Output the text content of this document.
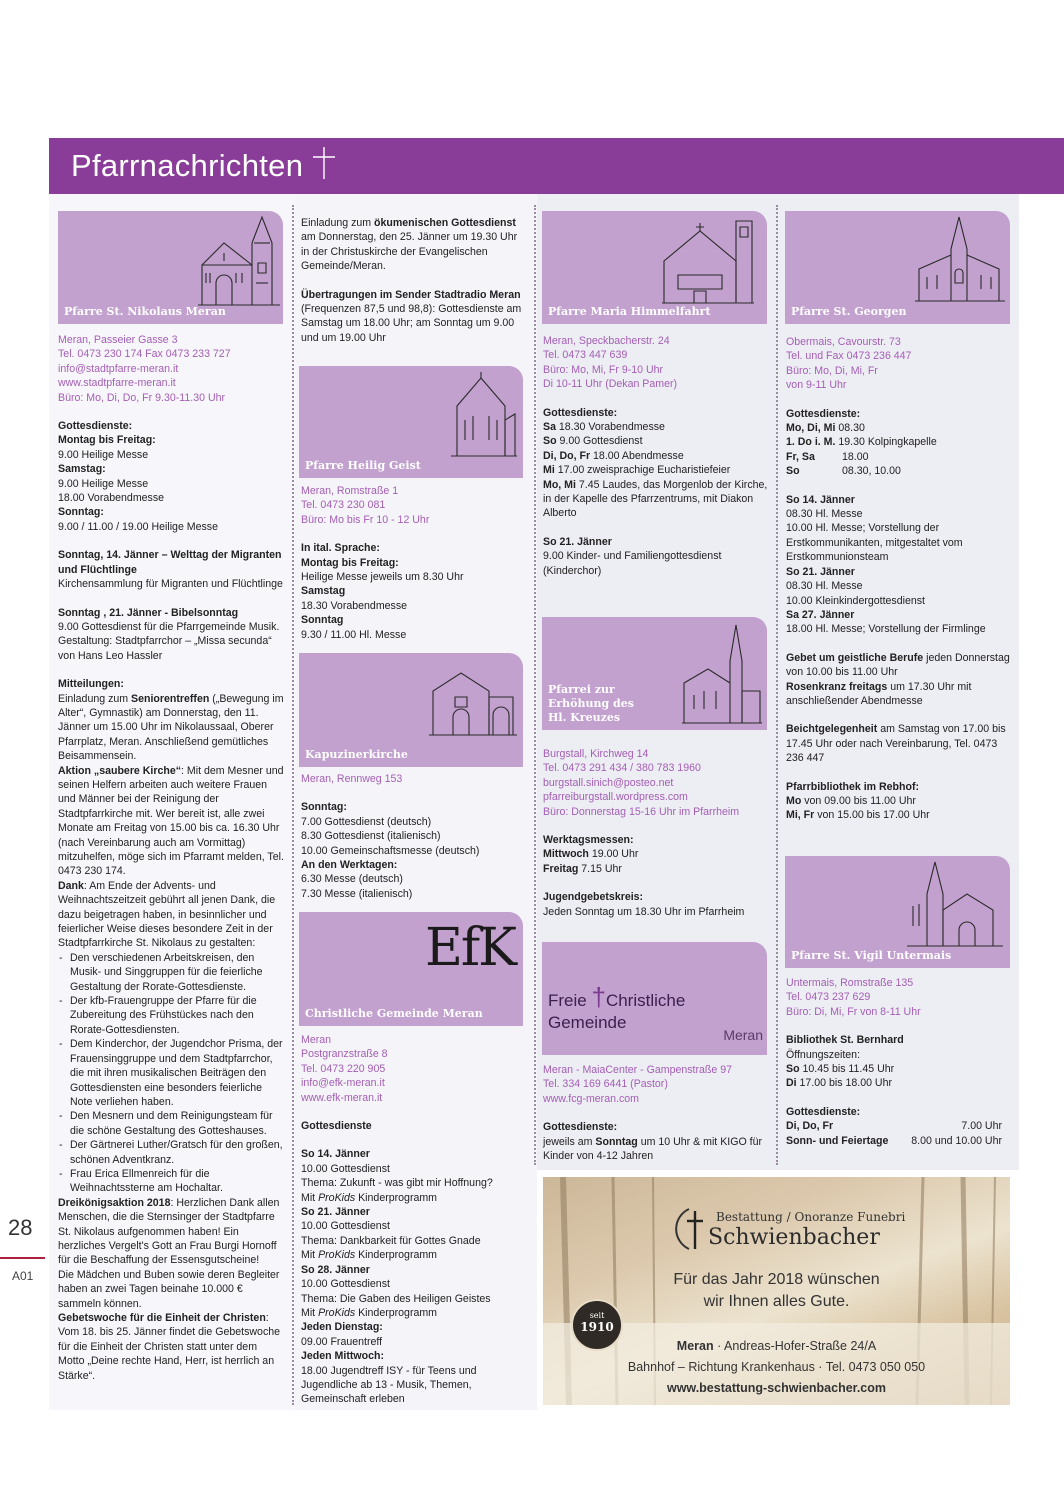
Pfarrnachrichten
Pfarre St. Nikolaus Meran

Meran, Passeier Gasse 3

Tel. 0473 230 174 Fax 0473 233 727

info@stadtpfarre-meran.it

www.stadtpfarre-meran.it

Büro: Mo, Di, Do, Fr 9.30-11.30 Uhr

Gottesdienste:

Montag bis Freitag:

9.00 Heilige Messe

Samstag:

9.00 Heilige Messe

18.00 Vorabendmesse

Sonntag:

9.00 / 11.00 / 19.00 Heilige Messe

Sonntag, 14. Jänner – Welttag der Migranten und Flüchtlinge

Kirchensammlung für Migranten und Flüchtlinge

Sonntag , 21. Jänner - Bibelsonntag

9.00 Gottesdienst für die Pfarrgemeinde Musik. Gestaltung: Stadtpfarrchor – „Missa secunda“ von Hans Leo Hassler

Mitteilungen:

Einladung zum Seniorentreffen („Bewegung im Alter“, Gymnastik) am Donnerstag, den 11. Jänner um 15.00 Uhr im Nikolaussaal, Oberer Pfarrplatz, Meran. Anschließend gemütliches Beisammensein.

Aktion „saubere Kirche“: Mit dem Mesner und seinen Helfern arbeiten auch weitere Frauen und Männer bei der Reinigung der Stadtpfarrkirche mit. Wer bereit ist, alle zwei Monate am Freitag von 15.00 bis ca. 16.30 Uhr (nach Vereinbarung auch am Vormittag) mitzuhelfen, möge sich im Pfarramt melden, Tel. 0473 230 174.

Dank: Am Ende der Advents- und Weihnachtszeitzeit gebührt all jenen Dank, die dazu beigetragen haben, in besinnlicher und feierlicher Weise dieses besondere Zeit in der Stadtpfarrkirche St. Nikolaus zu gestalten:

- Den verschiedenen Arbeitskreisen, den Musik- und Singgruppen für die feierliche Gestaltung der Rorate-Gottesdienste.

- Der kfb-Frauengruppe der Pfarre für die Zubereitung des Frühstückes nach den Rorate-Gottesdiensten.

- Dem Kinderchor, der Jugendchor Prisma, der Frauensinggruppe und dem Stadtpfarrchor, die mit ihren musikalischen Beiträgen den Gottesdiensten eine besonders feierliche Note verliehen haben.

- Den Mesnern und dem Reinigungsteam für die schöne Gestaltung des Gotteshauses.

- Der Gärtnerei Luther/Gratsch für den großen, schönen Adventkranz.

- Frau Erica Ellmenreich für die Weihnachtssterne am Hochaltar.

Dreikönigsaktion 2018: Herzlichen Dank allen Menschen, die die Sternsinger der Stadtpfarre St. Nikolaus aufgenommen haben! Ein herzliches Vergelt's Gott an Frau Burgi Hornoff für die Beschaffung der Essensgutscheine!

Die Mädchen und Buben sowie deren Begleiter haben an zwei Tagen beinahe 10.000 € sammeln können.

Gebetswoche für die Einheit der Christen: Vom 18. bis 25. Jänner findet die Gebetswoche für die Einheit der Christen statt unter dem Motto „Deine rechte Hand, Herr, ist herrlich an Stärke“.

Einladung zum ökumenischen Gottesdienst am Donnerstag, den 25. Jänner um 19.30 Uhr in der Christuskirche der Evangelischen Gemeinde/Meran.

Übertragungen im Sender Stadtradio Meran (Frequenzen 87,5 und 98,8): Gottesdienste am Samstag um 18.00 Uhr; am Sonntag um 9.00 und um 19.00 Uhr

Pfarre Heilig Geist

Meran, Romstraße 1

Tel. 0473 230 081

Büro: Mo bis Fr 10 - 12 Uhr

In ital. Sprache:

Montag bis Freitag:

Heilige Messe jeweils um 8.30 Uhr

Samstag

18.30 Vorabendmesse

Sonntag

9.30 / 11.00 Hl. Messe

Kapuzinerkirche

Meran, Rennweg 153

Sonntag:

7.00 Gottesdienst (deutsch)

8.30 Gottesdienst (italienisch)

10.00 Gemeinschaftsmesse (deutsch)

An den Werktagen:

6.30 Messe (deutsch)

7.30 Messe (italienisch)

EfK
Christliche Gemeinde Meran

Meran

Postgranzstraße 8

Tel. 0473 220 905

info@efk-meran.it

www.efk-meran.it

Gottesdienste

So 14. Jänner

10.00 Gottesdienst

Thema: Zukunft - was gibt mir Hoffnung?

Mit ProKids Kinderprogramm

So 21. Jänner

10.00 Gottesdienst

Thema: Dankbarkeit für Gottes Gnade

Mit ProKids Kinderprogramm

So 28. Jänner

10.00 Gottesdienst

Thema: Die Gaben des Heiligen Geistes

Mit ProKids Kinderprogramm

Jeden Dienstag:

09.00 Frauentreff

Jeden Mittwoch:

18.00 Jugendtreff ISY - für Teens und Jugendliche ab 13 - Musik, Themen, Gemeinschaft erleben

Pfarre Maria Himmelfahrt

Meran, Speckbacherstr. 24

Tel. 0473 447 639

Büro: Mo, Mi, Fr 9-10 Uhr

Di 10-11 Uhr (Dekan Pamer)

Gottesdienste:

Sa 18.30 Vorabendmesse

So 9.00 Gottesdienst

Di, Do, Fr 18.00 Abendmesse

Mi 17.00 zweisprachige Eucharistiefeier

Mo, Mi 7.45 Laudes, das Morgenlob der Kirche, in der Kapelle des Pfarrzentrums, mit Diakon Alberto

So 21. Jänner

9.00 Kinder- und Familiengottesdienst (Kinderchor)

Pfarrei zur Erhöhung des Hl. Kreuzes

Burgstall, Kirchweg 14

Tel. 0473 291 434 / 380 783 1960

burgstall.sinich@posteo.net

pfarreiburgstall.wordpress.com

Büro: Donnerstag 15-16 Uhr im Pfarrheim

Werktagsmessen:

Mittwoch 19.00 Uhr

Freitag 7.15 Uhr

Jugendgebetskreis:

Jeden Sonntag um 18.30 Uhr im Pfarrheim

Freie †Christliche Gemeinde
Meran

Meran - MaiaCenter - Gampenstraße 97

Tel. 334 169 6441 (Pastor)

www.fcg-meran.com

Gottesdienste:

jeweils am Sonntag um 10 Uhr & mit KIGO für Kinder von 4-12 Jahren

Pfarre St. Georgen

Obermais, Cavourstr. 73

Tel. und Fax 0473 236 447

Büro: Mo, Di, Mi, Fr

von 9-11 Uhr

Gottesdienste:

Mo, Di, Mi 08.30

1. Do i. M. 19.30 Kolpingkapelle

Fr, Sa	18.00

So	08.30, 10.00

So 14. Jänner

08.30 Hl. Messe
10.00 Hl. Messe; Vorstellung der Erstkommunikanten, mitgestaltet vom Erstkommunionsteam

So 21. Jänner

08.30 Hl. Messe
10.00 Kleinkindergottesdienst

Sa 27. Jänner

18.00 Hl. Messe; Vorstellung der Firmlinge

Gebet um geistliche Berufe jeden Donnerstag von 10.00 bis 11.00 Uhr

Rosenkranz freitags um 17.30 Uhr mit anschließender Abendmesse

Beichtgelegenheit am Samstag von 17.00 bis 17.45 Uhr oder nach Vereinbarung, Tel. 0473 236 447

Pfarrbibliothek im Rebhof:

Mo von 09.00 bis 11.00 Uhr

Mi, Fr von 15.00 bis 17.00 Uhr

Pfarre St. Vigil Untermais

Untermais, Romstraße 135

Tel. 0473 237 629

Büro: Di, Mi, Fr von 8-11 Uhr

Bibliothek St. Bernhard

Öffnungszeiten:

So 10.45 bis 11.45 Uhr

Di 17.00 bis 18.00 Uhr

Gottesdienste:

Di, Do, Fr	7.00 Uhr

Sonn- und Feiertage 8.00 und 10.00 Uhr

Bestattung / Onoranze Funebri
Schwienbacher
Für das Jahr 2018 wünschen
wir Ihnen alles Gute.
seit
1910
Meran · Andreas-Hofer-Straße 24/A
Bahnhof – Richtung Krankenhaus · Tel. 0473 050 050
www.bestattung-schwienbacher.com
28
A01
